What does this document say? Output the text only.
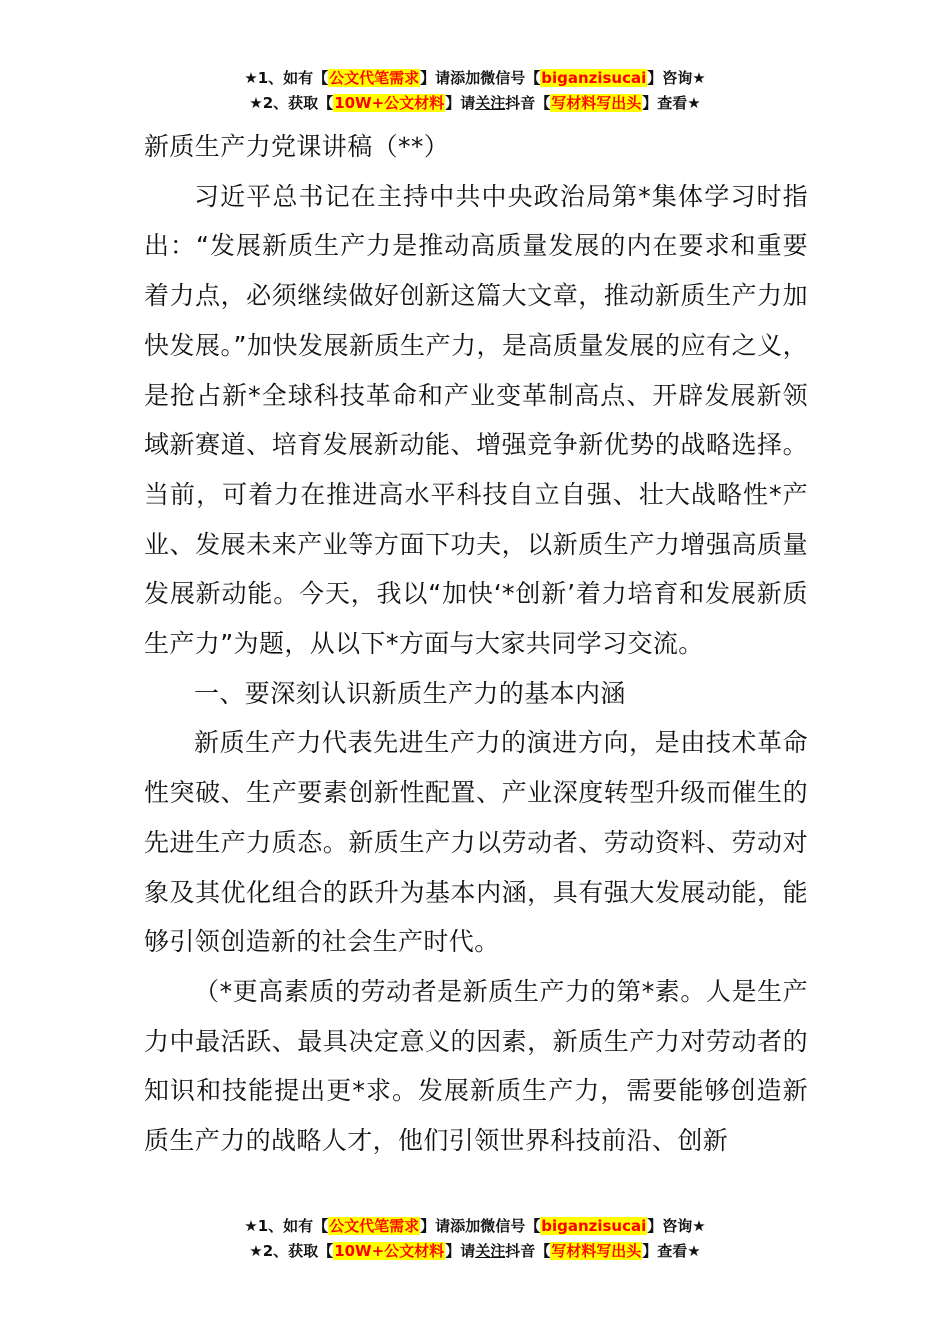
★1、如有【公文代笔需求】请添加微信号【biganzisucai】咨询★
★2、获取【10W+公文材料】请关注抖音【写材料写出头】查看★

新质生产力党课讲稿（**）

习近平总书记在主持中共中央政治局第*集体学习时指出：“发展新质生产力是推动高质量发展的内在要求和重要着力点，必须继续做好创新这篇大文章，推动新质生产力加快发展。”加快发展新质生产力，是高质量发展的应有之义，是抢占新*全球科技革命和产业变革制高点、开辟发展新领域新赛道、培育发展新动能、增强竞争新优势的战略选择。当前，可着力在推进高水平科技自立自强、壮大战略性*产业、发展未来产业等方面下功夫，以新质生产力增强高质量发展新动能。今天，我以“加快‘*创新’着力培育和发展新质生产力”为题，从以下*方面与大家共同学习交流。

一、要深刻认识新质生产力的基本内涵

新质生产力代表先进生产力的演进方向，是由技术革命性突破、生产要素创新性配置、产业深度转型升级而催生的先进生产力质态。新质生产力以劳动者、劳动资料、劳动对象及其优化组合的跃升为基本内涵，具有强大发展动能，能够引领创造新的社会生产时代。

（*更高素质的劳动者是新质生产力的第*素。人是生产力中最活跃、最具决定意义的因素，新质生产力对劳动者的知识和技能提出更*求。发展新质生产力，需要能够创造新质生产力的战略人才，他们引领世界科技前沿、创新

★1、如有【公文代笔需求】请添加微信号【biganzisucai】咨询★
★2、获取【10W+公文材料】请关注抖音【写材料写出头】查看★
